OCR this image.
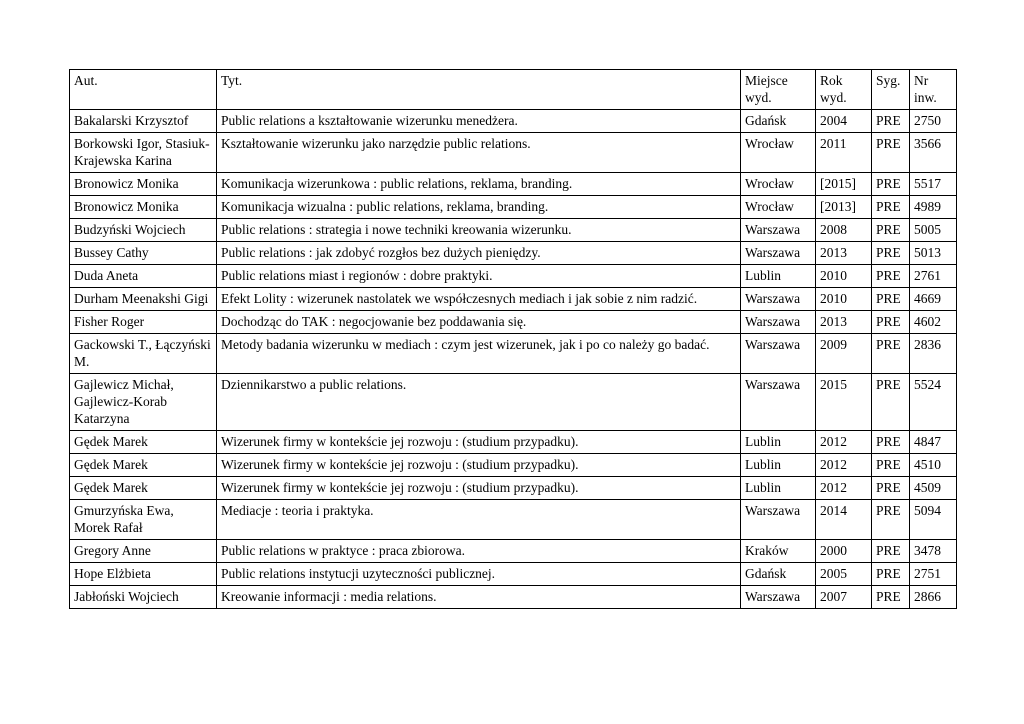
Aut.	Tyt.	Miejsce wyd.	Rok wyd.	Syg.	Nr inw.
Bakalarski Krzysztof	Public relations a kształtowanie wizerunku menedżera.	Gdańsk	2004	PRE	2750
Borkowski Igor, Stasiuk-Krajewska Karina	Kształtowanie wizerunku jako narzędzie public relations.	Wrocław	2011	PRE	3566
Bronowicz Monika	Komunikacja wizerunkowa : public relations, reklama, branding.	Wrocław	[2015]	PRE	5517
Bronowicz Monika	Komunikacja wizualna : public relations, reklama, branding.	Wrocław	[2013]	PRE	4989
Budzyński Wojciech	Public relations : strategia i nowe techniki kreowania wizerunku.	Warszawa	2008	PRE	5005
Bussey Cathy	Public relations : jak zdobyć rozgłos bez dużych pieniędzy.	Warszawa	2013	PRE	5013
Duda Aneta	Public relations miast i regionów : dobre praktyki.	Lublin	2010	PRE	2761
Durham Meenakshi Gigi	Efekt Lolity : wizerunek nastolatek we współczesnych mediach i jak sobie z nim radzić.	Warszawa	2010	PRE	4669
Fisher Roger	Dochodząc do TAK : negocjowanie bez poddawania się.	Warszawa	2013	PRE	4602
Gackowski T., Łączyński M.	Metody badania wizerunku w mediach : czym jest wizerunek, jak i po co należy go badać.	Warszawa	2009	PRE	2836
Gajlewicz Michał, Gajlewicz-Korab Katarzyna	Dziennikarstwo a public relations.	Warszawa	2015	PRE	5524
Gędek Marek	Wizerunek firmy w kontekście jej rozwoju : (studium przypadku).	Lublin	2012	PRE	4847
Gędek Marek	Wizerunek firmy w kontekście jej rozwoju : (studium przypadku).	Lublin	2012	PRE	4510
Gędek Marek	Wizerunek firmy w kontekście jej rozwoju : (studium przypadku).	Lublin	2012	PRE	4509
Gmurzyńska Ewa, Morek Rafał	Mediacje : teoria i praktyka.	Warszawa	2014	PRE	5094
Gregory Anne	Public relations w praktyce : praca zbiorowa.	Kraków	2000	PRE	3478
Hope Elżbieta	Public relations instytucji uzyteczności publicznej.	Gdańsk	2005	PRE	2751
Jabłoński Wojciech	Kreowanie informacji : media relations.	Warszawa	2007	PRE	2866
